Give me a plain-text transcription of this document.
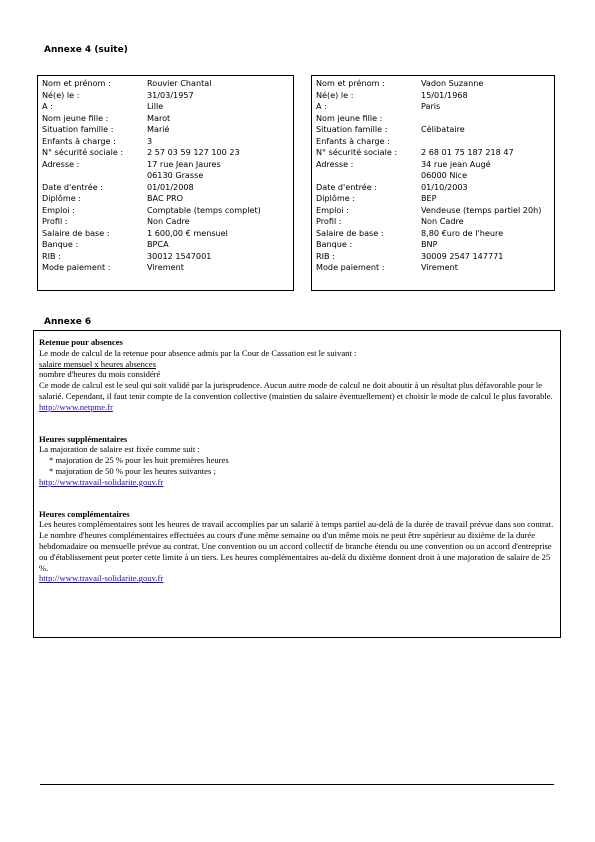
Annexe 4 (suite)
Nom et prénom :	Rouvier Chantal
Né(e) le :	31/03/1957
A :	Lille
Nom jeune fille :	Marot
Situation famille :	Marié
Enfants à charge :	3
N° sécurité sociale :	2 57 03 59 127 100 23
Adresse :	17 rue Jean Jaures
06130 Grasse
Date d'entrée :	01/01/2008
Diplôme :	BAC PRO
Emploi :	Comptable (temps complet)
Profil :	Non Cadre
Salaire de base :	1 600,00 € mensuel
Banque :	BPCA
RIB :	30012 1547001
Mode paiement :	Virement
Nom et prénom :	Vadon Suzanne
Né(e) le :	15/01/1968
A :	Paris
Nom jeune fille :
Situation famille :	Célibataire
Enfants à charge :
N° sécurité sociale :	2 68 01 75 187 218 47
Adresse :	34 rue jean Augé
06000 Nice
Date d'entrée :	01/10/2003
Diplôme :	BEP
Emploi :	Vendeuse (temps partiel 20h)
Profil :	Non Cadre
Salaire de base :	8,80 €uro de l'heure
Banque :	BNP
RIB :	30009 2547 147771
Mode paiement :	Virement
Annexe 6
Retenue pour absences
Le mode de calcul de la retenue pour absence admis par la Cour de Cassation est le suivant :
salaire mensuel x heures absences
nombre d'heures du mois considéré
Ce mode de calcul est le seul qui soit validé par la jurisprudence. Aucun autre mode de calcul ne doit aboutir à un résultat plus défavorable pour le salarié. Cependant, il faut tenir compte de la convention collective (maintien du salaire éventuellement) et choisir le mode de calcul le plus favorable.
http://www.netpme.fr
Heures supplémentaires
La majoration de salaire est fixée comme suit :
* majoration de 25 % pour les huit premières heures
* majoration de 50 % pour les heures suivantes ;
http://www.travail-solidarite.gouv.fr
Heures complémentaires
Les heures complémentaires sont les heures de travail accomplies par un salarié à temps partiel au-delà de la durée de travail prévue dans son contrat.
Le nombre d'heures complémentaires effectuées au cours d'une même semaine ou d'un même mois ne peut être supérieur au dixième de la durée hebdomadaire ou mensuelle prévue au contrat. Une convention ou un accord collectif de branche étendu ou une convention ou un accord d'entreprise ou d'établissement peut porter cette limite à un tiers. Les heures complémentaires au-delà du dixième donnent droit à une majoration de salaire de 25 %.
http://www.travail-solidarite.gouv.fr
